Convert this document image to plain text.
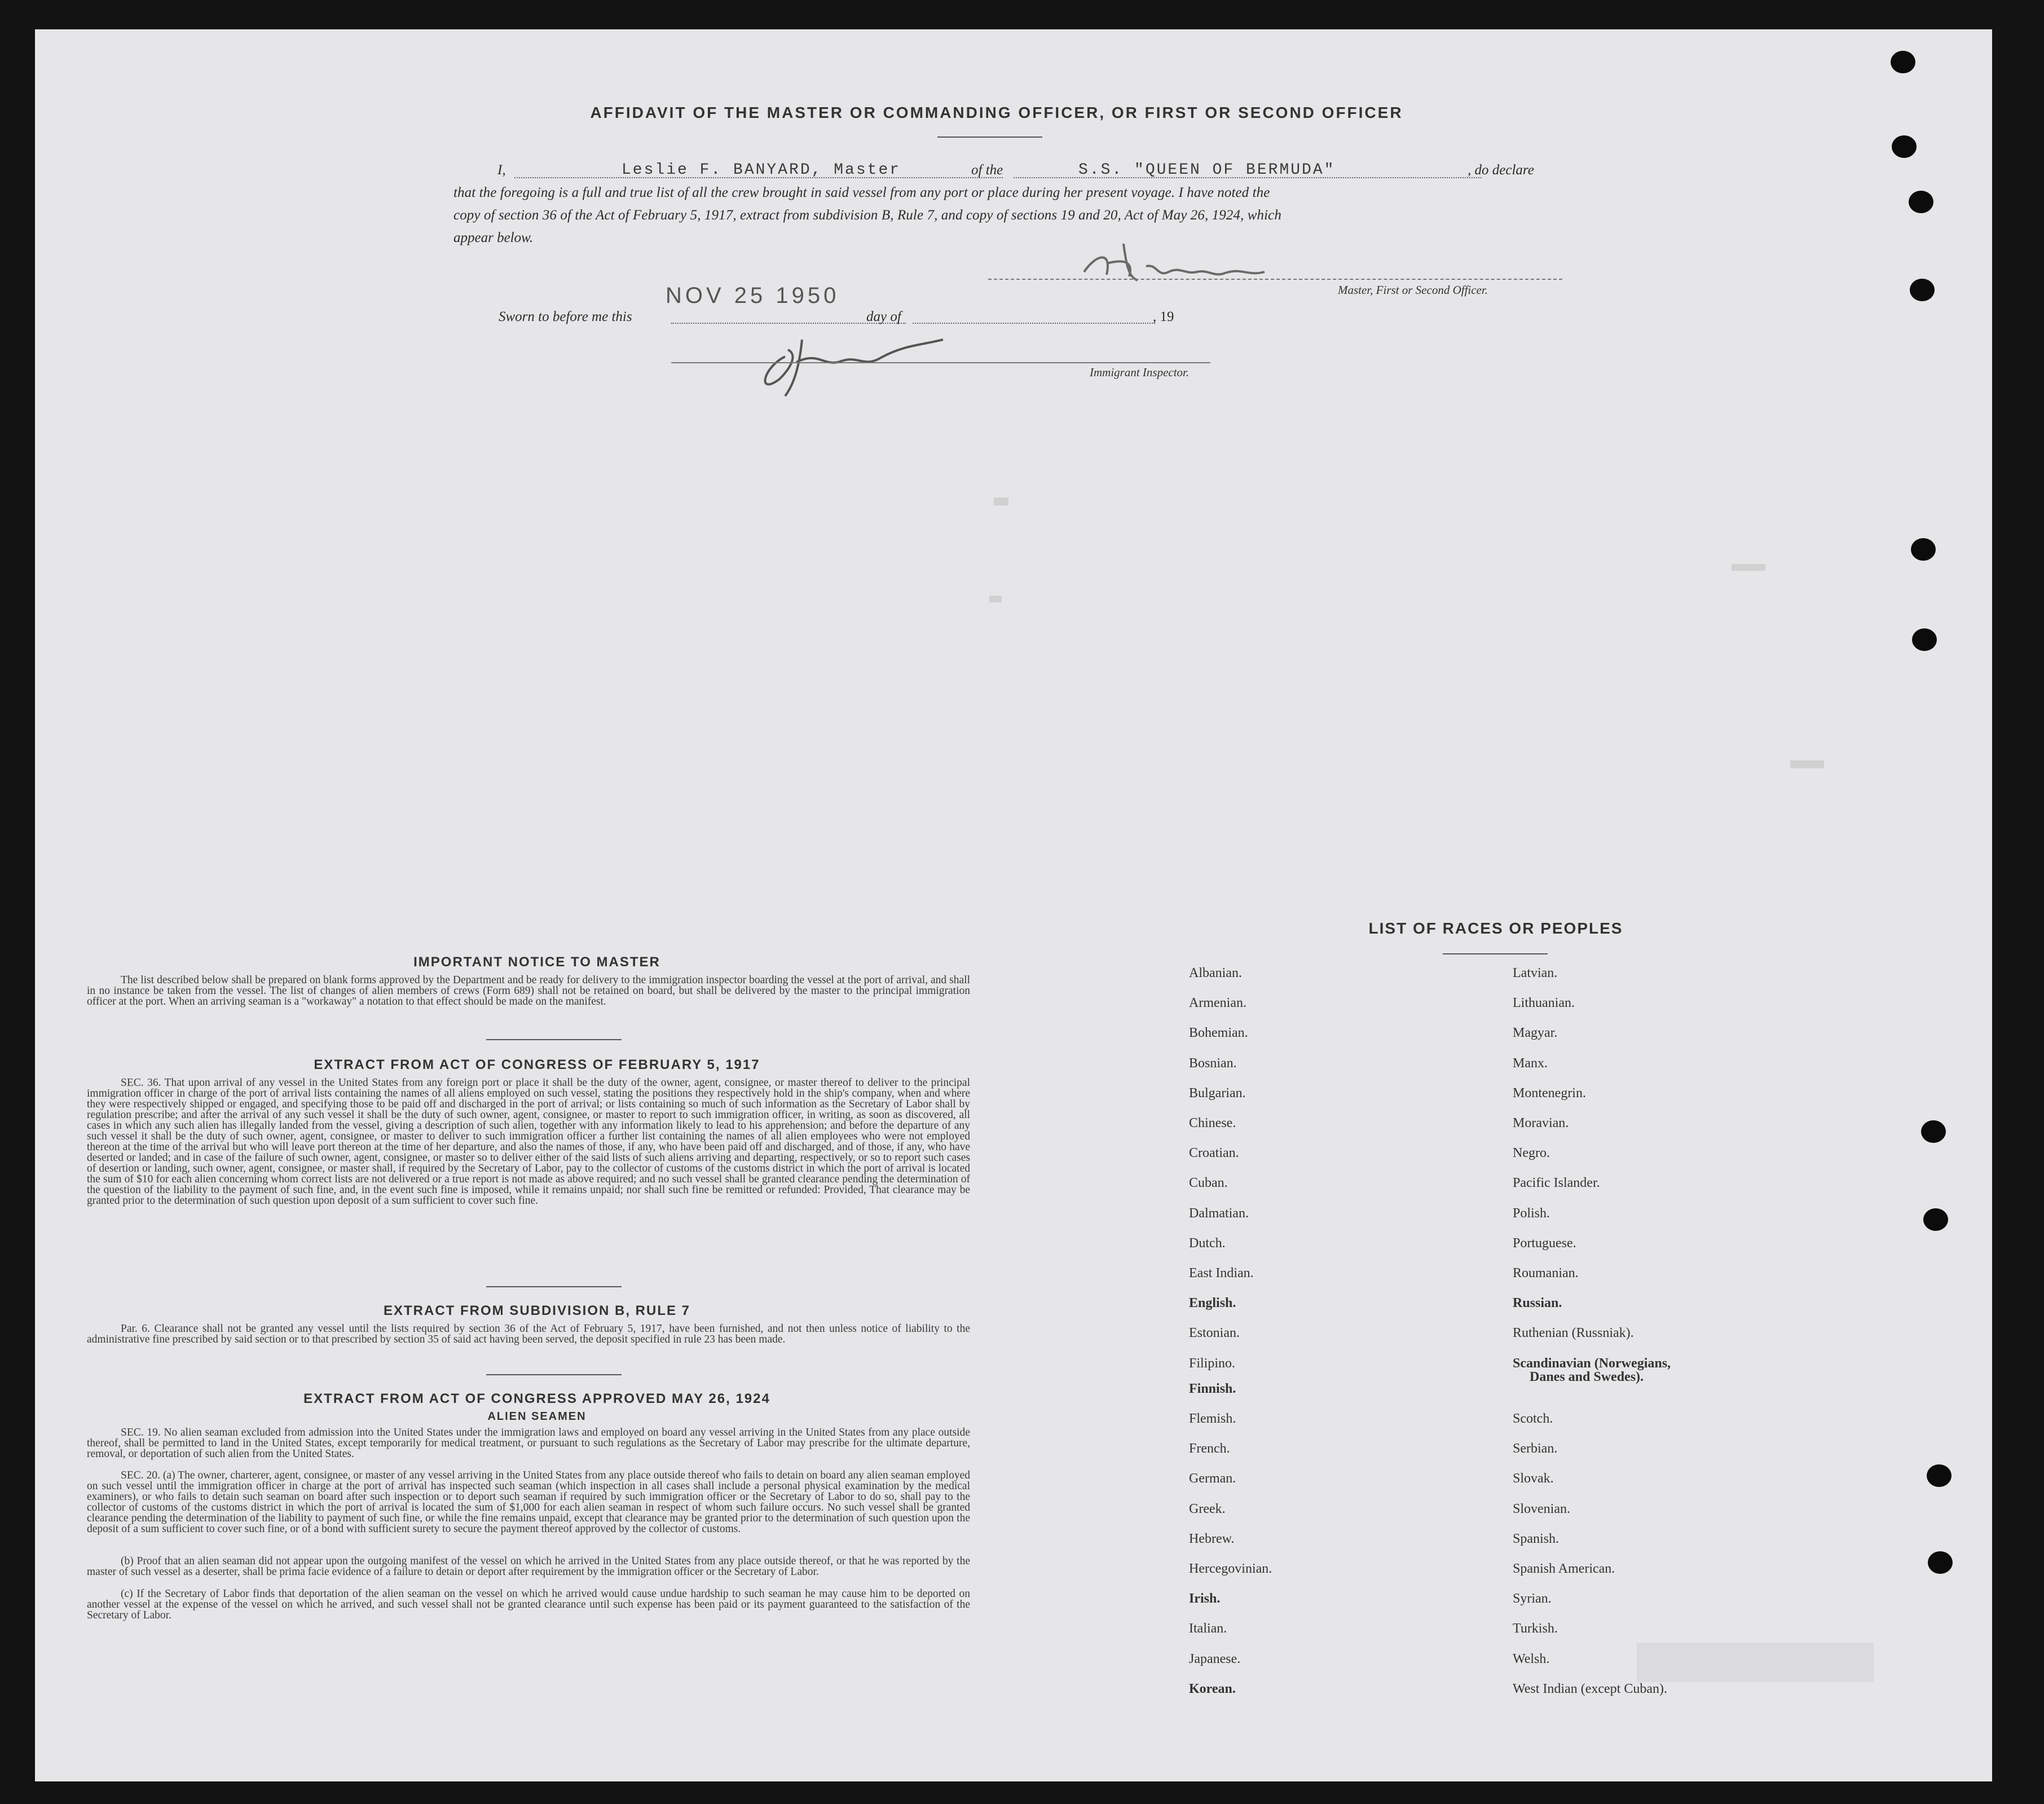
AFFIDAVIT OF THE MASTER OR COMMANDING OFFICER, OR FIRST OR SECOND OFFICER
I,	Leslie F. BANYARD, Master	of the	S.S. "QUEEN OF BERMUDA"	, do declare
that the foregoing is a full and true list of all the crew brought in said vessel from any port or place during her present voyage. I have noted the
copy of section 36 of the Act of February 5, 1917, extract from subdivision B, Rule 7, and copy of sections 19 and 20, Act of May 26, 1924, which
appear below.
Master, First or Second Officer.
NOV 25 1950
Sworn to before me this	day of	, 19
Immigrant Inspector.
IMPORTANT NOTICE TO MASTER
The list described below shall be prepared on blank forms approved by the Department and be ready for delivery to the immigration inspector boarding the vessel at the port of arrival, and shall in no instance be taken from the vessel. The list of changes of alien members of crews (Form 689) shall not be retained on board, but shall be delivered by the master to the principal immigration officer at the port. When an arriving seaman is a "workaway" a notation to that effect should be made on the manifest.
EXTRACT FROM ACT OF CONGRESS OF FEBRUARY 5, 1917
SEC. 36. That upon arrival of any vessel in the United States from any foreign port or place it shall be the duty of the owner, agent, consignee, or master thereof to deliver to the principal immigration officer in charge of the port of arrival lists containing the names of all aliens employed on such vessel, stating the positions they respectively hold in the ship's company, when and where they were respectively shipped or engaged, and specifying those to be paid off and discharged in the port of arrival; or lists containing so much of such information as the Secretary of Labor shall by regulation prescribe; and after the arrival of any such vessel it shall be the duty of such owner, agent, consignee, or master to report to such immigration officer, in writing, as soon as discovered, all cases in which any such alien has illegally landed from the vessel, giving a description of such alien, together with any information likely to lead to his apprehension; and before the departure of any such vessel it shall be the duty of such owner, agent, consignee, or master to deliver to such immigration officer a further list containing the names of all alien employees who were not employed thereon at the time of the arrival but who will leave port thereon at the time of her departure, and also the names of those, if any, who have been paid off and discharged, and of those, if any, who have deserted or landed; and in case of the failure of such owner, agent, consignee, or master so to deliver either of the said lists of such aliens arriving and departing, respectively, or so to report such cases of desertion or landing, such owner, agent, consignee, or master shall, if required by the Secretary of Labor, pay to the collector of customs of the customs district in which the port of arrival is located the sum of $10 for each alien concerning whom correct lists are not delivered or a true report is not made as above required; and no such vessel shall be granted clearance pending the determination of the question of the liability to the payment of such fine, and, in the event such fine is imposed, while it remains unpaid; nor shall such fine be remitted or refunded: Provided, That clearance may be granted prior to the determination of such question upon deposit of a sum sufficient to cover such fine.
EXTRACT FROM SUBDIVISION B, RULE 7
Par. 6. Clearance shall not be granted any vessel until the lists required by section 36 of the Act of February 5, 1917, have been furnished, and not then unless notice of liability to the administrative fine prescribed by said section or to that prescribed by section 35 of said act having been served, the deposit specified in rule 23 has been made.
EXTRACT FROM ACT OF CONGRESS APPROVED MAY 26, 1924
ALIEN SEAMEN
SEC. 19. No alien seaman excluded from admission into the United States under the immigration laws and employed on board any vessel arriving in the United States from any place outside thereof, shall be permitted to land in the United States, except temporarily for medical treatment, or pursuant to such regulations as the Secretary of Labor may prescribe for the ultimate departure, removal, or deportation of such alien from the United States.
SEC. 20. (a) The owner, charterer, agent, consignee, or master of any vessel arriving in the United States from any place outside thereof who fails to detain on board any alien seaman employed on such vessel until the immigration officer in charge at the port of arrival has inspected such seaman (which inspection in all cases shall include a personal physical examination by the medical examiners), or who fails to detain such seaman on board after such inspection or to deport such seaman if required by such immigration officer or the Secretary of Labor to do so, shall pay to the collector of customs of the customs district in which the port of arrival is located the sum of $1,000 for each alien seaman in respect of whom such failure occurs. No such vessel shall be granted clearance pending the determination of the liability to payment of such fine, or while the fine remains unpaid, except that clearance may be granted prior to the determination of such question upon the deposit of a sum sufficient to cover such fine, or of a bond with sufficient surety to secure the payment thereof approved by the collector of customs.
(b) Proof that an alien seaman did not appear upon the outgoing manifest of the vessel on which he arrived in the United States from any place outside thereof, or that he was reported by the master of such vessel as a deserter, shall be prima facie evidence of a failure to detain or deport after requirement by the immigration officer or the Secretary of Labor.
(c) If the Secretary of Labor finds that deportation of the alien seaman on the vessel on which he arrived would cause undue hardship to such seaman he may cause him to be deported on another vessel at the expense of the vessel on which he arrived, and such vessel shall not be granted clearance until such expense has been paid or its payment guaranteed to the satisfaction of the Secretary of Labor.
LIST OF RACES OR PEOPLES
Albanian.
Armenian.
Bohemian.
Bosnian.
Bulgarian.
Chinese.
Croatian.
Cuban.
Dalmatian.
Dutch.
East Indian.
English.
Estonian.
Filipino.
Finnish.
Flemish.
French.
German.
Greek.
Hebrew.
Hercegovinian.
Irish.
Italian.
Japanese.
Korean.
Latvian.
Lithuanian.
Magyar.
Manx.
Montenegrin.
Moravian.
Negro.
Pacific Islander.
Polish.
Portuguese.
Roumanian.
Russian.
Ruthenian (Russniak).
Scandinavian (Norwegians,
Danes and Swedes).
Scotch.
Serbian.
Slovak.
Slovenian.
Spanish.
Spanish American.
Syrian.
Turkish.
Welsh.
West Indian (except Cuban).
